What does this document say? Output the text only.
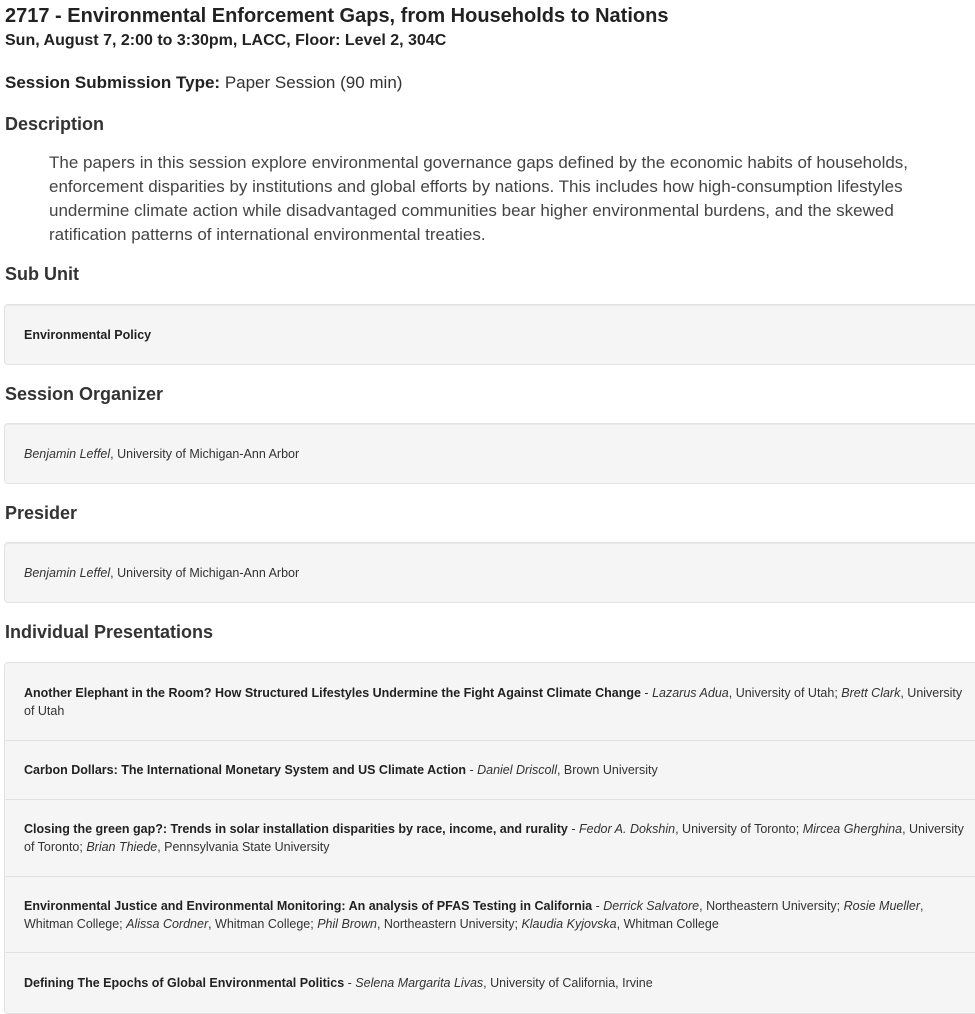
2717 - Environmental Enforcement Gaps, from Households to Nations
Sun, August 7, 2:00 to 3:30pm, LACC, Floor: Level 2, 304C
Session Submission Type: Paper Session (90 min)
Description

The papers in this session explore environmental governance gaps defined by the economic habits of households, enforcement disparities by institutions and global efforts by nations. This includes how high-consumption lifestyles undermine climate action while disadvantaged communities bear higher environmental burdens, and the skewed ratification patterns of international environmental treaties.

Sub Unit
Environmental Policy
Session Organizer
Benjamin Leffel, University of Michigan-Ann Arbor
Presider
Benjamin Leffel, University of Michigan-Ann Arbor
Individual Presentations
Another Elephant in the Room? How Structured Lifestyles Undermine the Fight Against Climate Change - Lazarus Adua, University of Utah; Brett Clark, University of Utah
Carbon Dollars: The International Monetary System and US Climate Action - Daniel Driscoll, Brown University
Closing the green gap?: Trends in solar installation disparities by race, income, and rurality - Fedor A. Dokshin, University of Toronto; Mircea Gherghina, University of Toronto; Brian Thiede, Pennsylvania State University
Environmental Justice and Environmental Monitoring: An analysis of PFAS Testing in California - Derrick Salvatore, Northeastern University; Rosie Mueller, Whitman College; Alissa Cordner, Whitman College; Phil Brown, Northeastern University; Klaudia Kyjovska, Whitman College
Defining The Epochs of Global Environmental Politics - Selena Margarita Livas, University of California, Irvine
